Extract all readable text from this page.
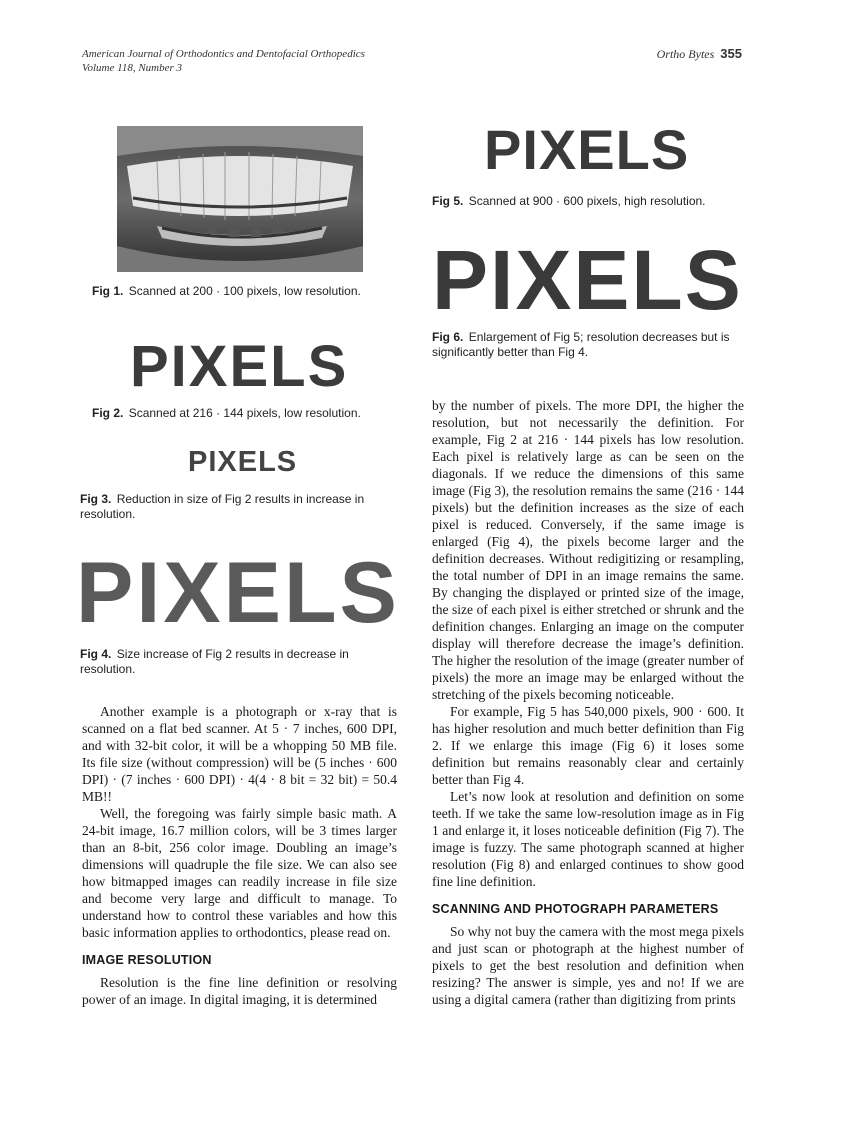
American Journal of Orthodontics and Dentofacial Orthopedics
Volume 118, Number 3
Ortho Bytes 355
Fig 1. Scanned at 200 · 100 pixels, low resolution.
PIXELS
Fig 2. Scanned at 216 · 144 pixels, low resolution.
PIXELS
Fig 3. Reduction in size of Fig 2 results in increase in resolution.
PIXELS
Fig 4. Size increase of Fig 2 results in decrease in resolution.
PIXELS
Fig 5. Scanned at 900 · 600 pixels, high resolution.
PIXELS
Fig 6. Enlargement of Fig 5; resolution decreases but is significantly better than Fig 4.

Another example is a photograph or x-ray that is scanned on a flat bed scanner. At 5 · 7 inches, 600 DPI, and with 32-bit color, it will be a whopping 50 MB file. Its file size (without compression) will be (5 inches · 600 DPI) · (7 inches · 600 DPI) · 4(4 · 8 bit = 32 bit) = 50.4 MB!!

Well, the foregoing was fairly simple basic math. A 24-bit image, 16.7 million colors, will be 3 times larger than an 8-bit, 256 color image. Doubling an image’s dimensions will quadruple the file size. We can also see how bitmapped images can readily increase in file size and become very large and difficult to manage. To understand how to control these variables and how this basic information applies to orthodontics, please read on.

IMAGE RESOLUTION

Resolution is the fine line definition or resolving power of an image. In digital imaging, it is determined

by the number of pixels. The more DPI, the higher the resolution, but not necessarily the definition. For example, Fig 2 at 216 · 144 pixels has low resolution. Each pixel is relatively large as can be seen on the diagonals. If we reduce the dimensions of this same image (Fig 3), the resolution remains the same (216 · 144 pixels) but the definition increases as the size of each pixel is reduced. Conversely, if the same image is enlarged (Fig 4), the pixels become larger and the definition decreases. Without redigitizing or resampling, the total number of DPI in an image remains the same. By changing the displayed or printed size of the image, the size of each pixel is either stretched or shrunk and the definition changes. Enlarging an image on the computer display will therefore decrease the image’s definition. The higher the resolution of the image (greater number of pixels) the more an image may be enlarged without the stretching of the pixels becoming noticeable.

For example, Fig 5 has 540,000 pixels, 900 · 600. It has higher resolution and much better definition than Fig 2. If we enlarge this image (Fig 6) it loses some definition but remains reasonably clear and certainly better than Fig 4.

Let’s now look at resolution and definition on some teeth. If we take the same low-resolution image as in Fig 1 and enlarge it, it loses noticeable definition (Fig 7). The image is fuzzy. The same photograph scanned at higher resolution (Fig 8) and enlarged continues to show good fine line definition.

SCANNING AND PHOTOGRAPH PARAMETERS

So why not buy the camera with the most mega pixels and just scan or photograph at the highest number of pixels to get the best resolution and definition when resizing? The answer is simple, yes and no! If we are using a digital camera (rather than digitizing from prints
